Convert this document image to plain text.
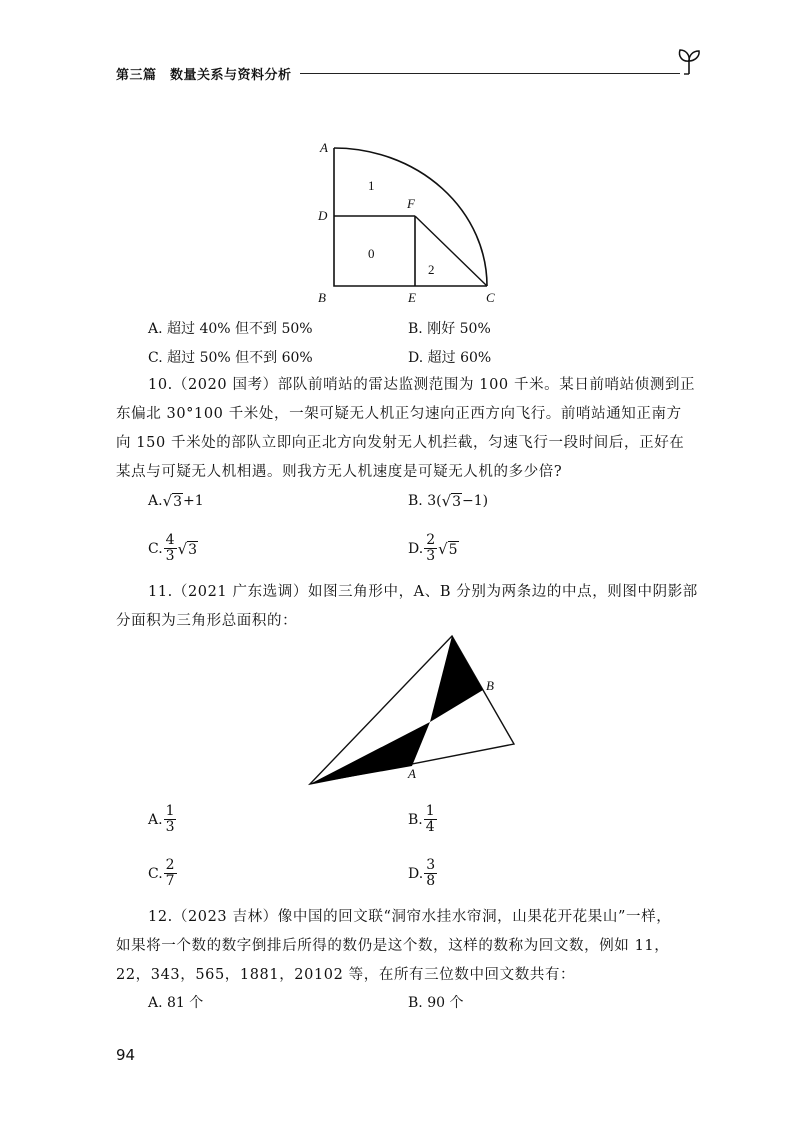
第三篇　数量关系与资料分析
A
D
F
B	E	C
1
0
2
A. 超过 40% 但不到 50%	B. 刚好 50%
C. 超过 50% 但不到 60%	D. 超过 60%
10.（2020 国考）部队前哨站的雷达监测范围为 100 千米。某日前哨站侦测到正
东偏北 30°100 千米处，一架可疑无人机正匀速向正西方向飞行。前哨站通知正南方
向 150 千米处的部队立即向正北方向发射无人机拦截，匀速飞行一段时间后，正好在
某点与可疑无人机相遇。则我方无人机速度是可疑无人机的多少倍?
A. √ 3 +1	B. 3( √ 3 −1)
C. $\frac{4}{3}$ √ 3	D. $\frac{2}{3}$ √ 5
11.（2021 广东选调）如图三角形中，A、B 分别为两条边的中点，则图中阴影部
分面积为三角形总面积的：
B
A
A. $\frac{1}{3}$	B. $\frac{1}{4}$
C. $\frac{2}{7}$	D. $\frac{3}{8}$
12.（2023 吉林）像中国的回文联“洞帘水挂水帘洞，山果花开花果山”一样，
如果将一个数的数字倒排后所得的数仍是这个数，这样的数称为回文数，例如 11，
22，343，565，1881，20102 等，在所有三位数中回文数共有：
A. 81 个	B. 90 个
94
